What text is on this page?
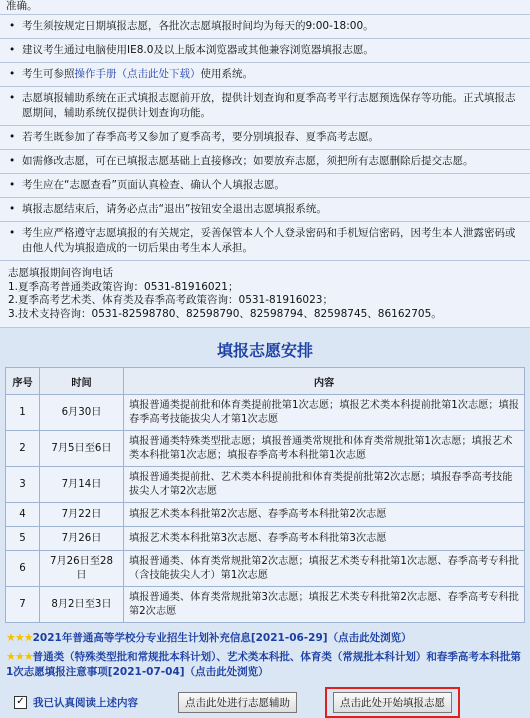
准确。
• 考生须按规定日期填报志愿，各批次志愿填报时间均为每天的9:00-18:00。
• 建议考生通过电脑使用IE8.0及以上版本浏览器或其他兼容浏览器填报志愿。
• 考生可参照操作手册（点击此处下载）使用系统。
• 志愿填报辅助系统在正式填报志愿前开放，提供计划查询和夏季高考平行志愿预选保存等功能。正式填报志愿期间，辅助系统仅提供计划查询功能。
• 若考生既参加了春季高考又参加了夏季高考，要分别填报春、夏季高考志愿。
• 如需修改志愿，可在已填报志愿基础上直接修改；如要放弃志愿，须把所有志愿删除后提交志愿。
• 考生应在“志愿查看”页面认真检查、确认个人填报志愿。
• 填报志愿结束后，请务必点击“退出”按钮安全退出志愿填报系统。
• 考生应严格遵守志愿填报的有关规定，妥善保管本人个人登录密码和手机短信密码，因考生本人泄露密码或由他人代为填报造成的一切后果由考生本人承担。
志愿填报期间咨询电话
1.夏季高考普通类政策咨询：0531-81916021；
2.夏季高考艺术类、体育类及春季高考政策咨询：0531-81916023；
3.技术支持咨询：0531-82598780、82598790、82598794、82598745、86162705。
填报志愿安排
序号	时间	内容
1	6月30日	填报普通类提前批和体育类提前批第1次志愿；填报艺术类本科提前批第1次志愿；填报春季高考技能拔尖人才第1次志愿
2	7月5日至6日	填报普通类特殊类型批志愿；填报普通类常规批和体育类常规批第1次志愿；填报艺术类本科批第1次志愿；填报春季高考本科批第1次志愿
3	7月14日	填报普通类提前批、艺术类本科提前批和体育类提前批第2次志愿；填报春季高考技能拔尖人才第2次志愿
4	7月22日	填报艺术类本科批第2次志愿、春季高考本科批第2次志愿
5	7月26日	填报艺术类本科批第3次志愿、春季高考本科批第3次志愿
6	7月26日至28日	填报普通类、体育类常规批第2次志愿；填报艺术类专科批第1次志愿、春季高考专科批（含技能拔尖人才）第1次志愿
7	8月2日至3日	填报普通类、体育类常规批第3次志愿；填报艺术类专科批第2次志愿、春季高考专科批第2次志愿
★★★2021年普通高等学校分专业招生计划补充信息[2021-06-29]（点击此处浏览）
★★★普通类（特殊类型批和常规批本科计划）、艺术类本科批、体育类（常规批本科计划）和春季高考本科批第1次志愿填报注意事项[2021-07-04]（点击此处浏览）
✓ 我已认真阅读上述内容	点击此处进行志愿辅助	点击此处开始填报志愿
